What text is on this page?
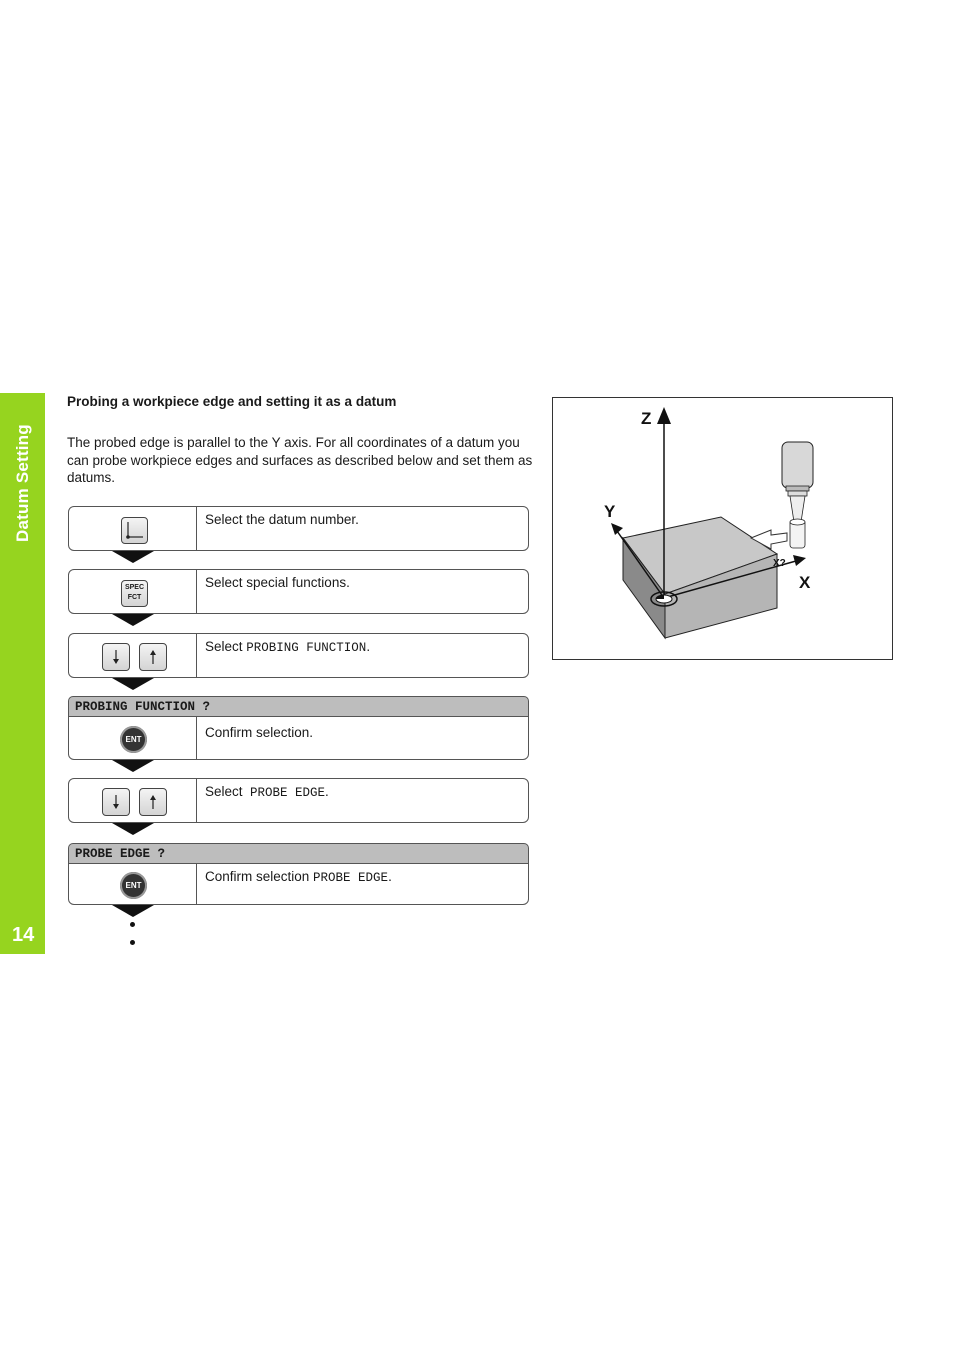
Datum Setting
14
Probing a workpiece edge and setting it as a datum
The probed edge is parallel to the Y axis. For all coordinates of a datum you can probe workpiece edges and surfaces as described below and set them as datums.
Select the datum number.
SPEC
FCT
Select special functions.
Select PROBING FUNCTION.
PROBING FUNCTION ?
ENT	Confirm selection.
Select  PROBE EDGE.
PROBE EDGE ?
ENT
Confirm selection PROBE EDGE.
Z
Y
X
X?
